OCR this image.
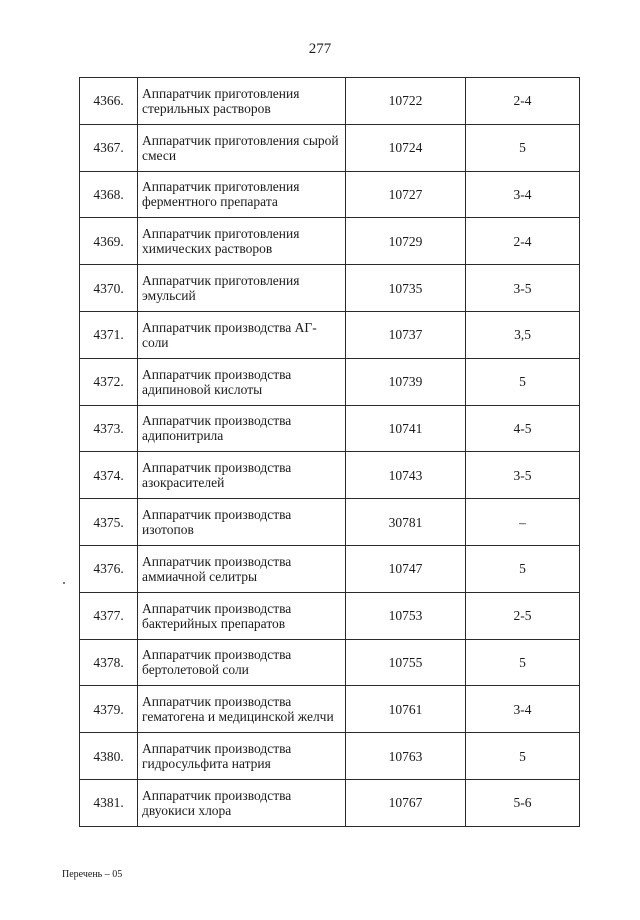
277
4366.	Аппаратчик приготовления стерильных растворов	10722	2-4
4367.	Аппаратчик приготовления сырой смеси	10724	5
4368.	Аппаратчик приготовления ферментного препарата	10727	3-4
4369.	Аппаратчик приготовления химических растворов	10729	2-4
4370.	Аппаратчик приготовления эмульсий	10735	3-5
4371.	Аппаратчик производства АГ-соли	10737	3,5
4372.	Аппаратчик производства адипиновой кислоты	10739	5
4373.	Аппаратчик производства адипонитрила	10741	4-5
4374.	Аппаратчик производства азокрасителей	10743	3-5
4375.	Аппаратчик производства изотопов	30781	–
4376.	Аппаратчик производства аммиачной селитры	10747	5
4377.	Аппаратчик производства бактерийных препаратов	10753	2-5
4378.	Аппаратчик производства бертолетовой соли	10755	5
4379.	Аппаратчик производства гематогена и медицинской желчи	10761	3-4
4380.	Аппаратчик производства гидросульфита натрия	10763	5
4381.	Аппаратчик производства двуокиси хлора	10767	5-6
Перечень – 05
